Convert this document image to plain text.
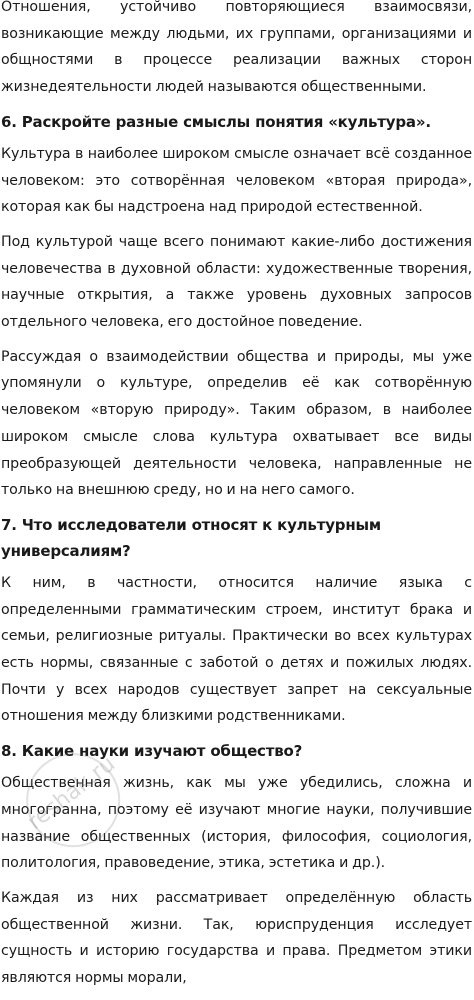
Отношения, устойчиво повторяющиеся взаимосвязи, возникающие между людьми, их группами, организациями и общностями в процессе реализации важных сторон жизнедеятельности людей называются общественными.

6. Раскройте разные смыслы понятия «культура».

Культура в наиболее широком смысле означает всё созданное человеком: это сотворённая человеком «вторая природа», которая как бы надстроена над природой естественной.

Под культурой чаще всего понимают какие-либо достижения человечества в духовной области: художественные творения, научные открытия, а также уровень духовных запросов отдельного человека, его достойное поведение.

Рассуждая о взаимодействии общества и природы, мы уже упомянули о культуре, определив её как сотворённую человеком «вторую природу». Таким образом, в наиболее широком смысле слова культура охватывает все виды преобразующей деятельности человека, направленные не только на внешнюю среду, но и на него самого.

7. Что исследователи относят к культурным универсалиям?

К ним, в частности, относится наличие языка с определенными грамматическим строем, институт брака и семьи, религиозные ритуалы. Практически во всех культурах есть нормы, связанные с заботой о детях и пожилых людях. Почти у всех народов существует запрет на сексуальные отношения между близкими родственниками.

8. Какие науки изучают общество?

Общественная жизнь, как мы уже убедились, сложна и многогранна, поэтому её изучают многие науки, получившие название общественных (история, философия, социология, политология, правоведение, этика, эстетика и др.).

Каждая из них рассматривает определённую область общественной жизни. Так, юриспруденция исследует сущность и историю государства и права. Предметом этики являются нормы морали,

reshak.ru
